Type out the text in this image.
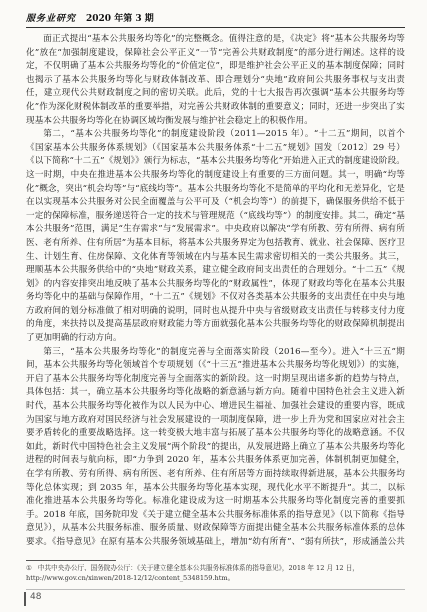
服务业研究 2020 年第 3 期

面正式提出“基本公共服务均等化”的完整概念。值得注意的是，《决定》将“基本公共服务均等化”放在“加强制度建设，保障社会公平正义”一节“完善公共财政制度”的部分进行阐述。这样的设定，不仅明确了基本公共服务均等化的“价值定位”，即是维护社会公平正义的基本制度保障；同时也揭示了基本公共服务均等化与财政体制改革、即合理划分“央地”政府间公共服务事权与支出责任，建立现代公共财政制度之间的密切关联。此后，党的十七大报告再次强调“基本公共服务均等化”作为深化财税体制改革的重要举措，对完善公共财政体制的重要意义；同时，还进一步突出了实现基本公共服务均等化在协调区域均衡发展与维护社会稳定上的积极作用。

第二，“基本公共服务均等化”的制度建设阶段（2011—2015 年）。“十二五”期间，以首个《国家基本公共服务体系规划》（《国家基本公共服务体系“十二五”规划》国发〔2012〕29 号）《以下简称“十二五”《规划》》颁行为标志，“基本公共服务均等化”开始进入正式的制度建设阶段。这一时期，中央在推进基本公共服务均等化的制度建设上有重要的三方面问题。其一，明确“均等化”概念，突出“机会均等”与“底线均等”。基本公共服务均等化不是简单的平均化和无差异化，它是在以实现基本公共服务对公民全面覆盖与公平可及（“机会均等”）的前提下，确保服务供给不低于一定的保障标准，服务递送符合一定的技术与管理规范（“底线均等”）的制度安排。其二，确定“基本公共服务”范围，满足“生存需求”与“发展需求”。中央政府以解决“学有所教、劳有所得、病有所医、老有所养、住有所居”为基本目标，将基本公共服务界定为包括教育、就业、社会保障、医疗卫生、计划生育、住房保障、文化体育等领域在内与基本民生需求密切相关的一类公共服务。其三，理顺基本公共服务供给中的“央地”财政关系，建立健全政府间支出责任的合理划分。“十二五”《规划》的内容安排突出地反映了基本公共服务均等化的“财政属性”，体现了财政均等化在基本公共服务均等化中的基础与保障作用，“十二五”《规划》不仅对各类基本公共服务的支出责任在中央与地方政府间的划分标准做了相对明确的说明，同时也从提升中央与省级财政支出责任与转移支付力度的角度，来扶持以及提高基层政府财政能力等方面就强化基本公共服务均等化的财政保障机制提出了更加明确的行动方向。

第三，“基本公共服务均等化”的制度完善与全面落实阶段（2016—至今）。进入“十三五”期间，基本公共服务均等化领域首个专项规划（《“十三五”推进基本公共服务均等化规划》）的实施，开启了基本公共服务均等化制度完善与全面落实的新阶段。这一时期呈现出诸多新的趋势与特点，具体包括：其一，确立基本公共服务均等化战略的新意涵与新方向。随着中国特色社会主义进入新时代，基本公共服务均等化被作为以人民为中心、增进民生福祉、加强社会建设的重要内容，既成为国家与地方政府对国民经济与社会发展建设的一项制度保障，进一步上升为党和国家应对社会主要矛盾转化的重要战略选择。这一转变极大地丰富与拓展了基本公共服务均等化的战略意涵。不仅如此，新时代中国特色社会主义发展“两个阶段”的提出，从发展进路上确立了基本公共服务均等化进程的时间表与航向标，即“力争到 2020 年，基本公共服务体系更加完善，体制机制更加健全，在学有所教、劳有所得、病有所医、老有所养、住有所居等方面持续取得新进展，基本公共服务均等化总体实现；到 2035 年，基本公共服务均等化基本实现，现代化水平不断提升”。其二，以标准化推进基本公共服务均等化。标准化建设成为这一时期基本公共服务均等化制度完善的重要抓手。2018 年底，国务院印发《关于建立健全基本公共服务标准体系的指导意见》（以下简称《指导意见》），从基本公共服务标准、服务质量、财政保障等方面提出健全基本公共服务标准体系的总体要求。《指导意见》在原有基本公共服务领域基础上，增加“幼有所育”、“弱有所扶”，形成涵盖公共

① 中共中央办公厅、国务院办公厅：《关于建立健全基本公共服务标准体系的指导意见》，2018 年 12 月 12 日，http://www.gov.cn/xinwen/2018-12/12/content_5348159.htm。
48
